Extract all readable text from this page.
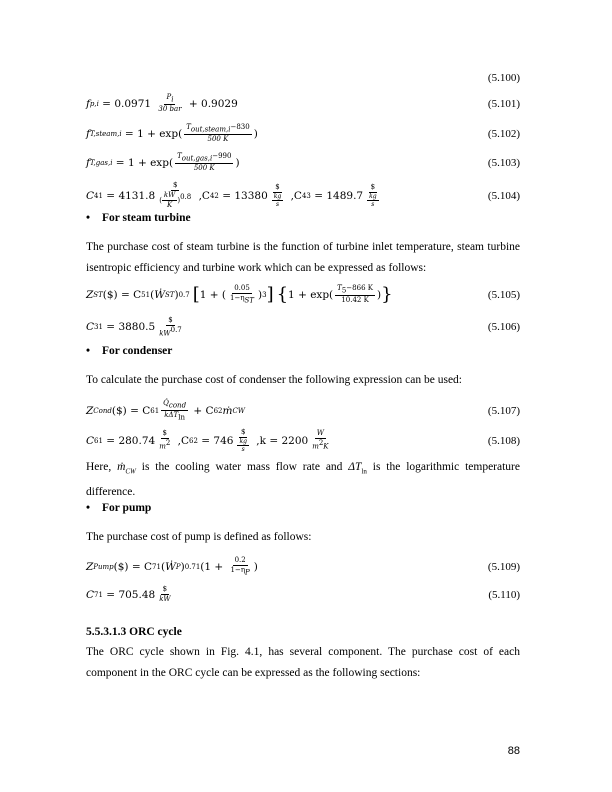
(5.100)
f $p,i = 0.0971 \frac{P_i}{\text{30 bar}} + 0.9029$	(5.101)
f T,steam,i = $1 + \exp( \frac{T_{out,steam,i}-830}{500 K}$ )	(5.102)
f $T,gas,i = 1 + \exp( \frac{T_{out,gas,i}-990}{500 K}$ )	(5.103)
C $41 = 4131.8 \frac{\$}{( \frac{kW}{K} )^{0.8}} ,C$ $42 = 13380 \frac{\$}{\frac{kg}{s}} ,C$ $43 = 1489.7 \frac{\$}{\frac{kg}{s}}$	(5.104)
• For steam turbine
The purchase cost of steam turbine is the function of turbine inlet temperature, steam turbine isentropic efficiency and turbine work which can be expressed as follows:
Z ST ($) = C 51 ( Ẇ ST ) 0.7 [ 1 + ( $\frac{0.05}{1-\eta_{ST}}$ ) 3 ] { $1 + \exp( \frac{T_5-866 K}{10.42 K}$ ) }	(5.105)
C $31 = 3880.5 \frac{\$}{kW^{0.7}}$	(5.106)
• For condenser
To calculate the purchase cost of condenser the following expression can be used:
Z Cond ($) = C $61 \frac{Q̇_{cond}}{k\Delta T_{ln}} + C$ 62 ṁ CW	(5.107)
C $61 = 280.74 \frac{\$}{m^2} ,C$ $62 = 746 \frac{\$}{\frac{kg}{s}} ,k = 2200 \frac{W}{m^2K}$	(5.108)
Here, ṁ$_{CW}$ is the cooling water mass flow rate and $\Delta T_{ln}$ is the logarithmic temperature difference.
• For pump
The purchase cost of pump is defined as follows:
Z Pump ($) = C 71 ( Ẇ P ) 0.71 ($1 + \frac{0.2}{1-\eta_P}$ )	(5.109)
C $71 = 705.48 \frac{\$}{kW}$	(5.110)
5.5.3.1.3 ORC cycle
The ORC cycle shown in Fig. 4.1, has several component. The purchase cost of each component in the ORC cycle can be expressed as the following sections:
88
